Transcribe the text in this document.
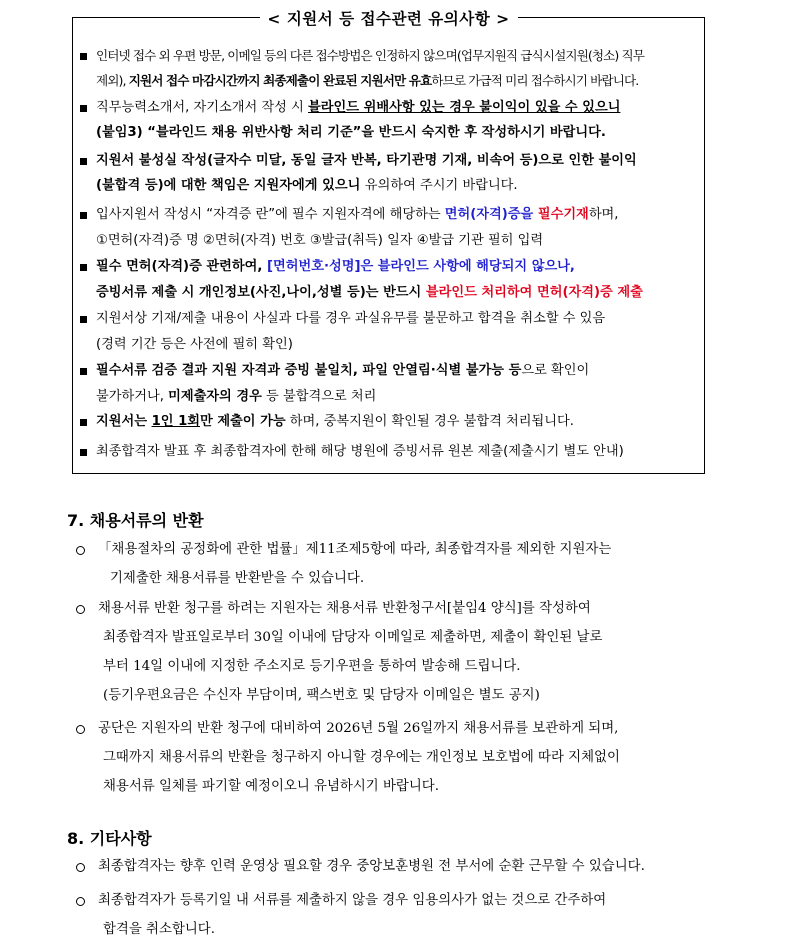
< 지원서 등 접수관련 유의사항 >
인터넷 접수 외 우편 방문, 이메일 등의 다른 접수방법은 인정하지 않으며(업무지원직 급식시설지원(청소) 직무
제외), 지원서 접수 마감시간까지 최종제출이 완료된 지원서만 유효하므로 가급적 미리 접수하시기 바랍니다.
직무능력소개서, 자기소개서 작성 시 블라인드 위배사항 있는 경우 불이익이 있을 수 있으니
(붙임3) “블라인드 채용 위반사항 처리 기준”을 반드시 숙지한 후 작성하시기 바랍니다.
지원서 불성실 작성(글자수 미달, 동일 글자 반복, 타기관명 기재, 비속어 등)으로 인한 불이익
(불합격 등)에 대한 책임은 지원자에게 있으니 유의하여 주시기 바랍니다.
입사지원서 작성시 “자격증 란”에 필수 지원자격에 해당하는 면허(자격)증을 필수기재하며,
①면허(자격)증 명 ②면허(자격) 번호 ③발급(취득) 일자 ④발급 기관 필히 입력
필수 면허(자격)증 관련하여, [면허번호·성명]은 블라인드 사항에 해당되지 않으나,
증빙서류 제출 시 개인정보(사진,나이,성별 등)는 반드시 블라인드 처리하여 면허(자격)증 제출
지원서상 기재/제출 내용이 사실과 다를 경우 과실유무를 불문하고 합격을 취소할 수 있음
(경력 기간 등은 사전에 필히 확인)
필수서류 검증 결과 지원 자격과 증빙 불일치, 파일 안열림·식별 불가능 등으로 확인이
불가하거나, 미제출자의 경우 등 불합격으로 처리
지원서는 1인 1회만 제출이 가능 하며, 중복지원이 확인될 경우 불합격 처리됩니다.
최종합격자 발표 후 최종합격자에 한해 해당 병원에 증빙서류 원본 제출(제출시기 별도 안내)
7. 채용서류의 반환
「채용절차의 공정화에 관한 법률」제11조제5항에 따라, 최종합격자를 제외한 지원자는
기제출한 채용서류를 반환받을 수 있습니다.
채용서류 반환 청구를 하려는 지원자는 채용서류 반환청구서[붙임4 양식]를 작성하여
최종합격자 발표일로부터 30일 이내에 담당자 이메일로 제출하면, 제출이 확인된 날로
부터 14일 이내에 지정한 주소지로 등기우편을 통하여 발송해 드립니다.
(등기우편요금은 수신자 부담이며, 팩스번호 및 담당자 이메일은 별도 공지)
공단은 지원자의 반환 청구에 대비하여 2026년 5월 26일까지 채용서류를 보관하게 되며,
그때까지 채용서류의 반환을 청구하지 아니할 경우에는 개인정보 보호법에 따라 지체없이
채용서류 일체를 파기할 예정이오니 유념하시기 바랍니다.
8. 기타사항
최종합격자는 향후 인력 운영상 필요할 경우 중앙보훈병원 전 부서에 순환 근무할 수 있습니다.
최종합격자가 등록기일 내 서류를 제출하지 않을 경우 임용의사가 없는 것으로 간주하여
합격을 취소합니다.
